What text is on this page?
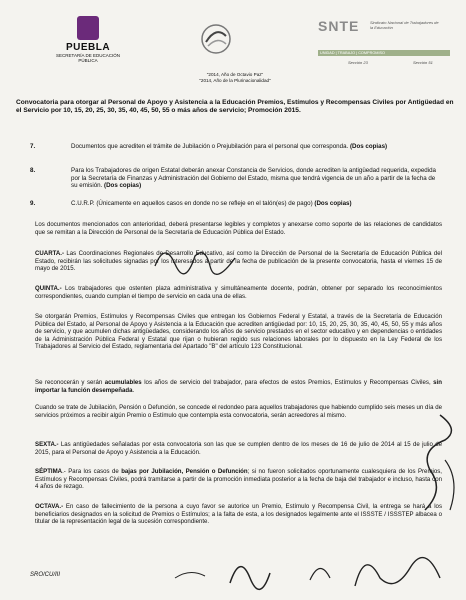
PUEBLA
SECRETARÍA DE EDUCACIÓN PÚBLICA
"2014, Año de Octavio Paz"
"2014, Año de la Plurinacionalidad"
SNTE	Sindicato Nacional de Trabajadores de la Educación
UNIDAD | TRABAJO | COMPROMISO
Sección 23	Sección 51
Convocatoria para otorgar al Personal de Apoyo y Asistencia a la Educación Premios, Estímulos y Recompensas Civiles por Antigüedad en el Servicio por 10, 15, 20, 25, 30, 35, 40, 45, 50, 55 o más años de servicio; Promoción 2015.
7.	Documentos que acrediten el trámite de Jubilación o Prejubilación para el personal que corresponda. (Dos copias)
8.	Para los Trabajadores de origen Estatal deberán anexar Constancia de Servicios, donde acrediten la antigüedad requerida, expedida por la Secretaría de Finanzas y Administración del Gobierno del Estado, misma que tendrá vigencia de un año a partir de la fecha de su emisión. (Dos copias)
9.	C.U.R.P. (Únicamente en aquellos casos en donde no se refleje en el talón(es) de pago) (Dos copias)
Los documentos mencionados con anterioridad, deberá presentarse legibles y completos y anexarse como soporte de las relaciones de candidatos que se remitan a la Dirección de Personal de la Secretaría de Educación Pública del Estado.
CUARTA.- Las Coordinaciones Regionales de Desarrollo Educativo, así como la Dirección de Personal de la Secretaría de Educación Pública del Estado, recibirán las solicitudes signadas por los interesados a partir de la fecha de publicación de la presente convocatoria, hasta el viernes 15 de mayo de 2015.
QUINTA.- Los trabajadores que ostenten plaza administrativa y simultáneamente docente, podrán, obtener por separado los reconocimientos correspondientes, cuando cumplan el tiempo de servicio en cada una de ellas.
Se otorgarán Premios, Estímulos y Recompensas Civiles que entregan los Gobiernos Federal y Estatal, a través de la Secretaría de Educación Pública del Estado, al Personal de Apoyo y Asistencia a la Educación que acrediten antigüedad por: 10, 15, 20, 25, 30, 35, 40, 45, 50, 55 y más años de servicio, y que acumulen dichas antigüedades, considerando los años de servicio prestados en el sector educativo y en dependencias o entidades de la Administración Pública Federal y Estatal que rijan o hubieran regido sus relaciones laborales por lo dispuesto en la Ley Federal de los Trabajadores al Servicio del Estado, reglamentaria del Apartado "B" del artículo 123 Constitucional.
Se reconocerán y serán acumulables los años de servicio del trabajador, para efectos de estos Premios, Estímulos y Recompensas Civiles, sin importar la función desempeñada.
Cuando se trate de Jubilación, Pensión o Defunción, se concede el redondeo para aquellos trabajadores que habiendo cumplido seis meses un día de servicios próximos a recibir algún Premio o Estímulo que contempla esta convocatoria, serán acreedores al mismo.
SEXTA.- Las antigüedades señaladas por esta convocatoria son las que se cumplen dentro de los meses de 16 de julio de 2014 al 15 de julio de 2015, para el Personal de Apoyo y Asistencia a la Educación.
SÉPTIMA.- Para los casos de bajas por Jubilación, Pensión o Defunción; si no fueron solicitados oportunamente cualesquiera de los Premios, Estímulos y Recompensas Civiles, podrá tramitarse a partir de la promoción inmediata posterior a la fecha de baja del trabajador e incluso, hasta con 4 años de rezago.
OCTAVA.- En caso de fallecimiento de la persona a cuyo favor se autorice un Premio, Estímulo y Recompensa Civil, la entrega se hará a los beneficiarios designados en la solicitud de Premios o Estímulos; a la falta de esta, a los designados legalmente ante el ISSSTE / ISSSTEP albacea o titular de la representación legal de la sucesión correspondiente.
SRO/CU/III
